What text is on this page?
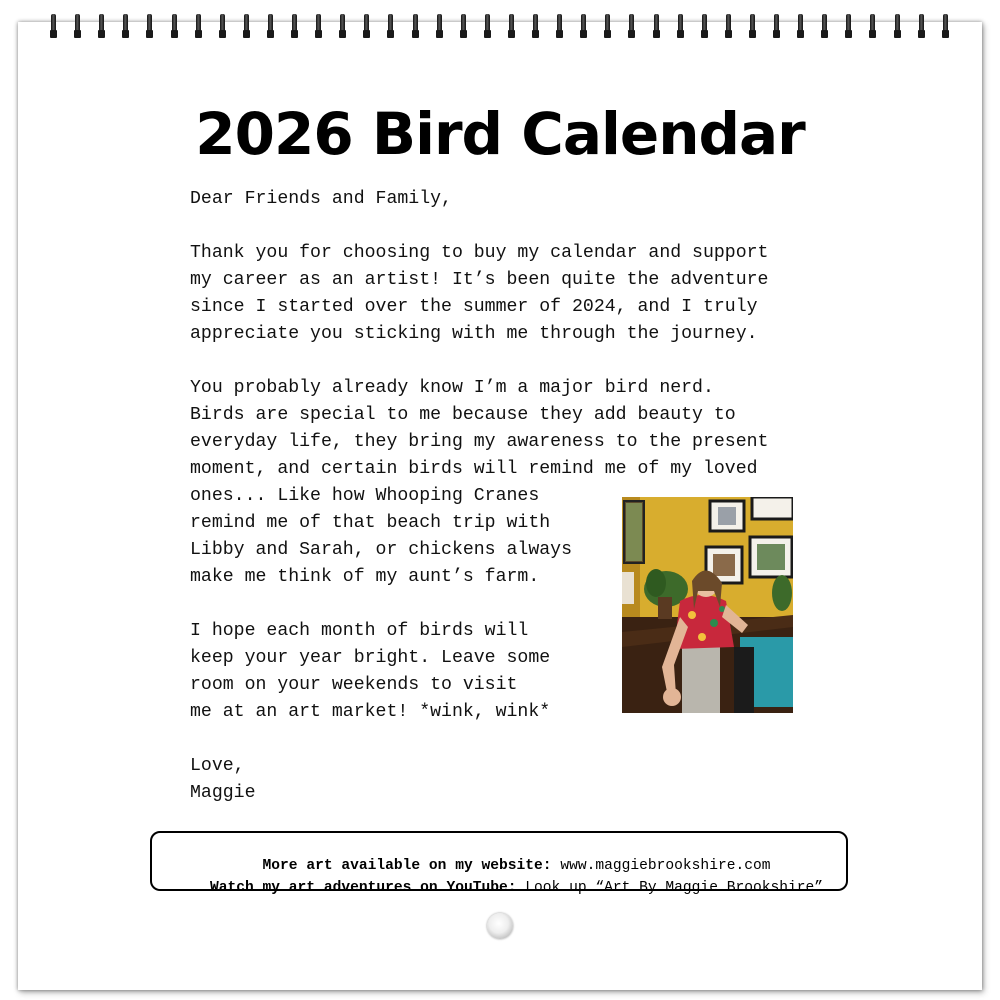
2026 Bird Calendar

Dear Friends and Family,

Thank you for choosing to buy my calendar and support

my career as an artist! It’s been quite the adventure

since I started over the summer of 2024, and I truly

appreciate you sticking with me through the journey.

You probably already know I’m a major bird nerd.

Birds are special to me because they add beauty to

everyday life, they bring my awareness to the present

moment, and certain birds will remind me of my loved

ones... Like how Whooping Cranes

remind me of that beach trip with

Libby and Sarah, or chickens always

make me think of my aunt’s farm.

I hope each month of birds will

keep your year bright. Leave some

room on your weekends to visit

me at an art market! *wink, wink*

Love,

Maggie

More art available on my website: www.maggiebrookshire.com

Watch my art adventures on YouTube: Look up “Art By Maggie Brookshire”
